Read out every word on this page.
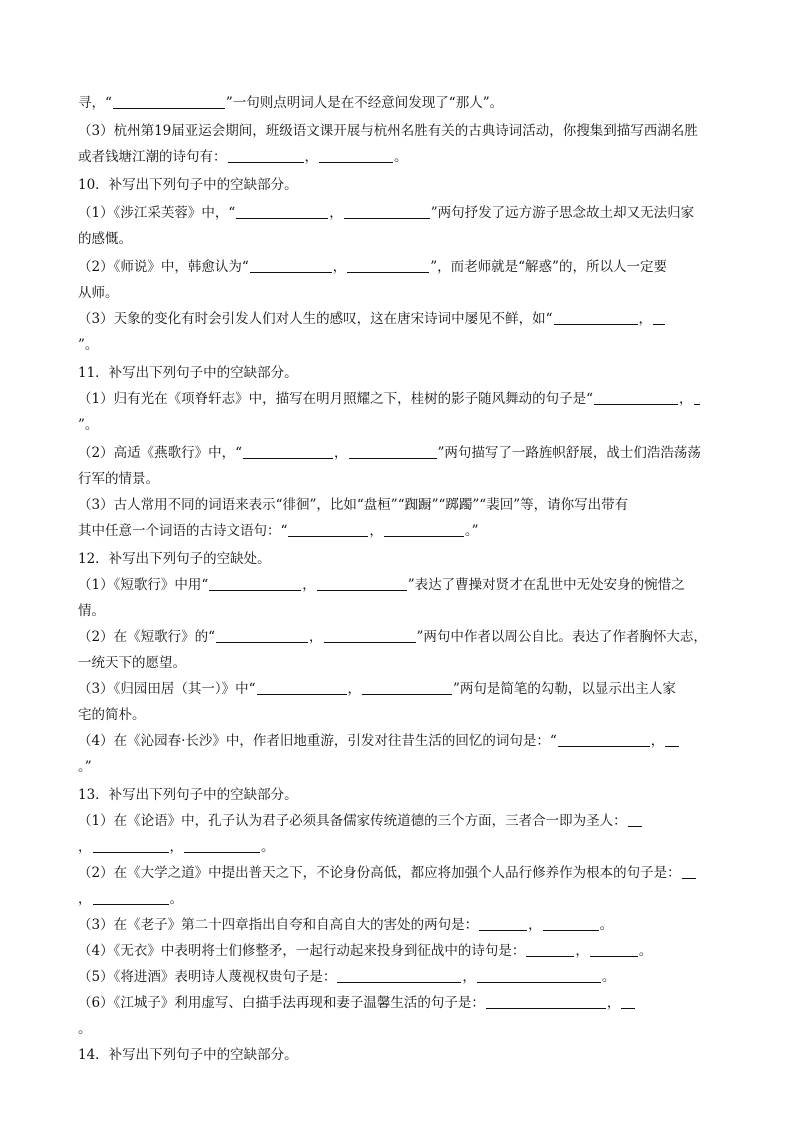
寻，“	”一句则点明词人是在不经意间发现了“那人”。
（3）杭州第19届亚运会期间，班级语文课开展与杭州名胜有关的古典诗词活动，你搜集到描写西湖名胜
或者钱塘江潮的诗句有：	，	。
10．补写出下列句子中的空缺部分。
（1）《涉江采芙蓉》中，“	，	”两句抒发了远方游子思念故土却又无法归家
的感慨。
（2）《师说》中，韩愈认为“	，	”，而老师就是“解惑”的，所以人一定要
从师。
（3）天象的变化有时会引发人们对人生的感叹，这在唐宋诗词中屡见不鲜，如“	，
”。
11．补写出下列句子中的空缺部分。
（1）归有光在《项脊轩志》中，描写在明月照耀之下，桂树的影子随风舞动的句子是“	，
”。
（2）高适《燕歌行》中，“	，	”两句描写了一路旌帜舒展，战士们浩浩荡荡
行军的情景。
（3）古人常用不同的词语来表示“徘徊”，比如“盘桓”“踟蹰”“踯躅”“裴回”等，请你写出带有
其中任意一个词语的古诗文语句：“	，	。”
12．补写出下列句子的空缺处。
（1）《短歌行》中用“	，	”表达了曹操对贤才在乱世中无处安身的惋惜之
情。
（2）在《短歌行》的“	，	”两句中作者以周公自比。表达了作者胸怀大志，
一统天下的愿望。
（3）《归园田居（其一）》中“	，	”两句是简笔的勾勒，以显示出主人家
宅的简朴。
（4）在《沁园春·长沙》中，作者旧地重游，引发对往昔生活的回忆的词句是：“	，
。”
13．补写出下列句子中的空缺部分。
（1）在《论语》中，孔子认为君子必须具备儒家传统道德的三个方面，三者合一即为圣人：
，	，	。
（2）在《大学之道》中提出普天之下，不论身份高低，都应将加强个人品行修养作为根本的句子是：
，	。
（3）在《老子》第二十四章指出自夸和自高自大的害处的两句是：	，	。
（4）《无衣》中表明将士们修整矛，一起行动起来投身到征战中的诗句是：	，	。
（5）《将进酒》表明诗人蔑视权贵句子是：	，	。
（6）《江城子》利用虚写、白描手法再现和妻子温馨生活的句子是：	，
。
14．补写出下列句子中的空缺部分。
